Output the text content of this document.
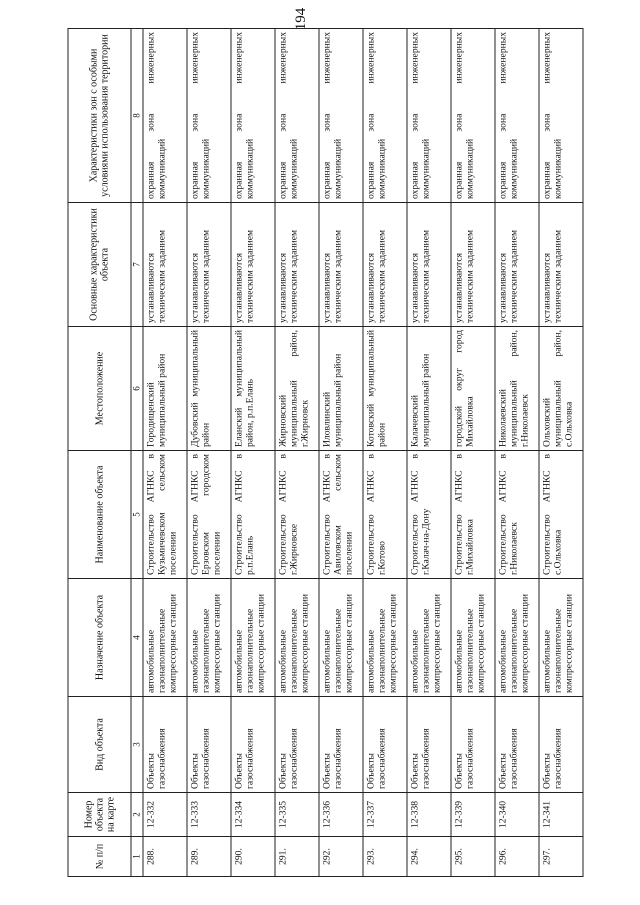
194
№ п/п	Номер объекта на карте	Вид объекта	Назначение объекта	Наименование объекта	Местоположение	Основные характеристики объекта	Характеристики зон с особыми условиями использования территории
1	2	3	4	5	6	7	8
288.	12-332	Объекты газоснабжения	автомобильные газонаполнительные компрессорные станции	Строительство АГНКС в Кузьмичевском сельском поселении	Городищенский муниципальный район	устанавливаются техническим заданием	охранная зона инженерных коммуникаций
289.	12-333	Объекты газоснабжения	автомобильные газонаполнительные компрессорные станции	Строительство АГНКС в Ерзовском городском поселении	Дубовский муниципальный район	устанавливаются техническим заданием	охранная зона инженерных коммуникаций
290.	12-334	Объекты газоснабжения	автомобильные газонаполнительные компрессорные станции	Строительство АГНКС в р.п.Елань	Еланский муниципальный район, р.п.Елань	устанавливаются техническим заданием	охранная зона инженерных коммуникаций
291.	12-335	Объекты газоснабжения	автомобильные газонаполнительные компрессорные станции	Строительство АГНКС в г.Жирновске	Жирновский муниципальный район, г.Жирновск	устанавливаются техническим заданием	охранная зона инженерных коммуникаций
292.	12-336	Объекты газоснабжения	автомобильные газонаполнительные компрессорные станции	Строительство АГНКС в Авиловском сельском поселении	Иловлинский муниципальный район	устанавливаются техническим заданием	охранная зона инженерных коммуникаций
293.	12-337	Объекты газоснабжения	автомобильные газонаполнительные компрессорные станции	Строительство АГНКС в г.Котово	Котовский муниципальный район	устанавливаются техническим заданием	охранная зона инженерных коммуникаций
294.	12-338	Объекты газоснабжения	автомобильные газонаполнительные компрессорные станции	Строительство АГНКС в г.Калач-на-Дону	Калачевский муниципальный район	устанавливаются техническим заданием	охранная зона инженерных коммуникаций
295.	12-339	Объекты газоснабжения	автомобильные газонаполнительные компрессорные станции	Строительство АГНКС в г.Михайловка	городской округ город Михайловка	устанавливаются техническим заданием	охранная зона инженерных коммуникаций
296.	12-340	Объекты газоснабжения	автомобильные газонаполнительные компрессорные станции	Строительство АГНКС в г.Николаевск	Николаевский муниципальный район, г.Николаевск	устанавливаются техническим заданием	охранная зона инженерных коммуникаций
297.	12-341	Объекты газоснабжения	автомобильные газонаполнительные компрессорные станции	Строительство АГНКС в с.Ольховка	Ольховский муниципальный район, с.Ольховка	устанавливаются техническим заданием	охранная зона инженерных коммуникаций
